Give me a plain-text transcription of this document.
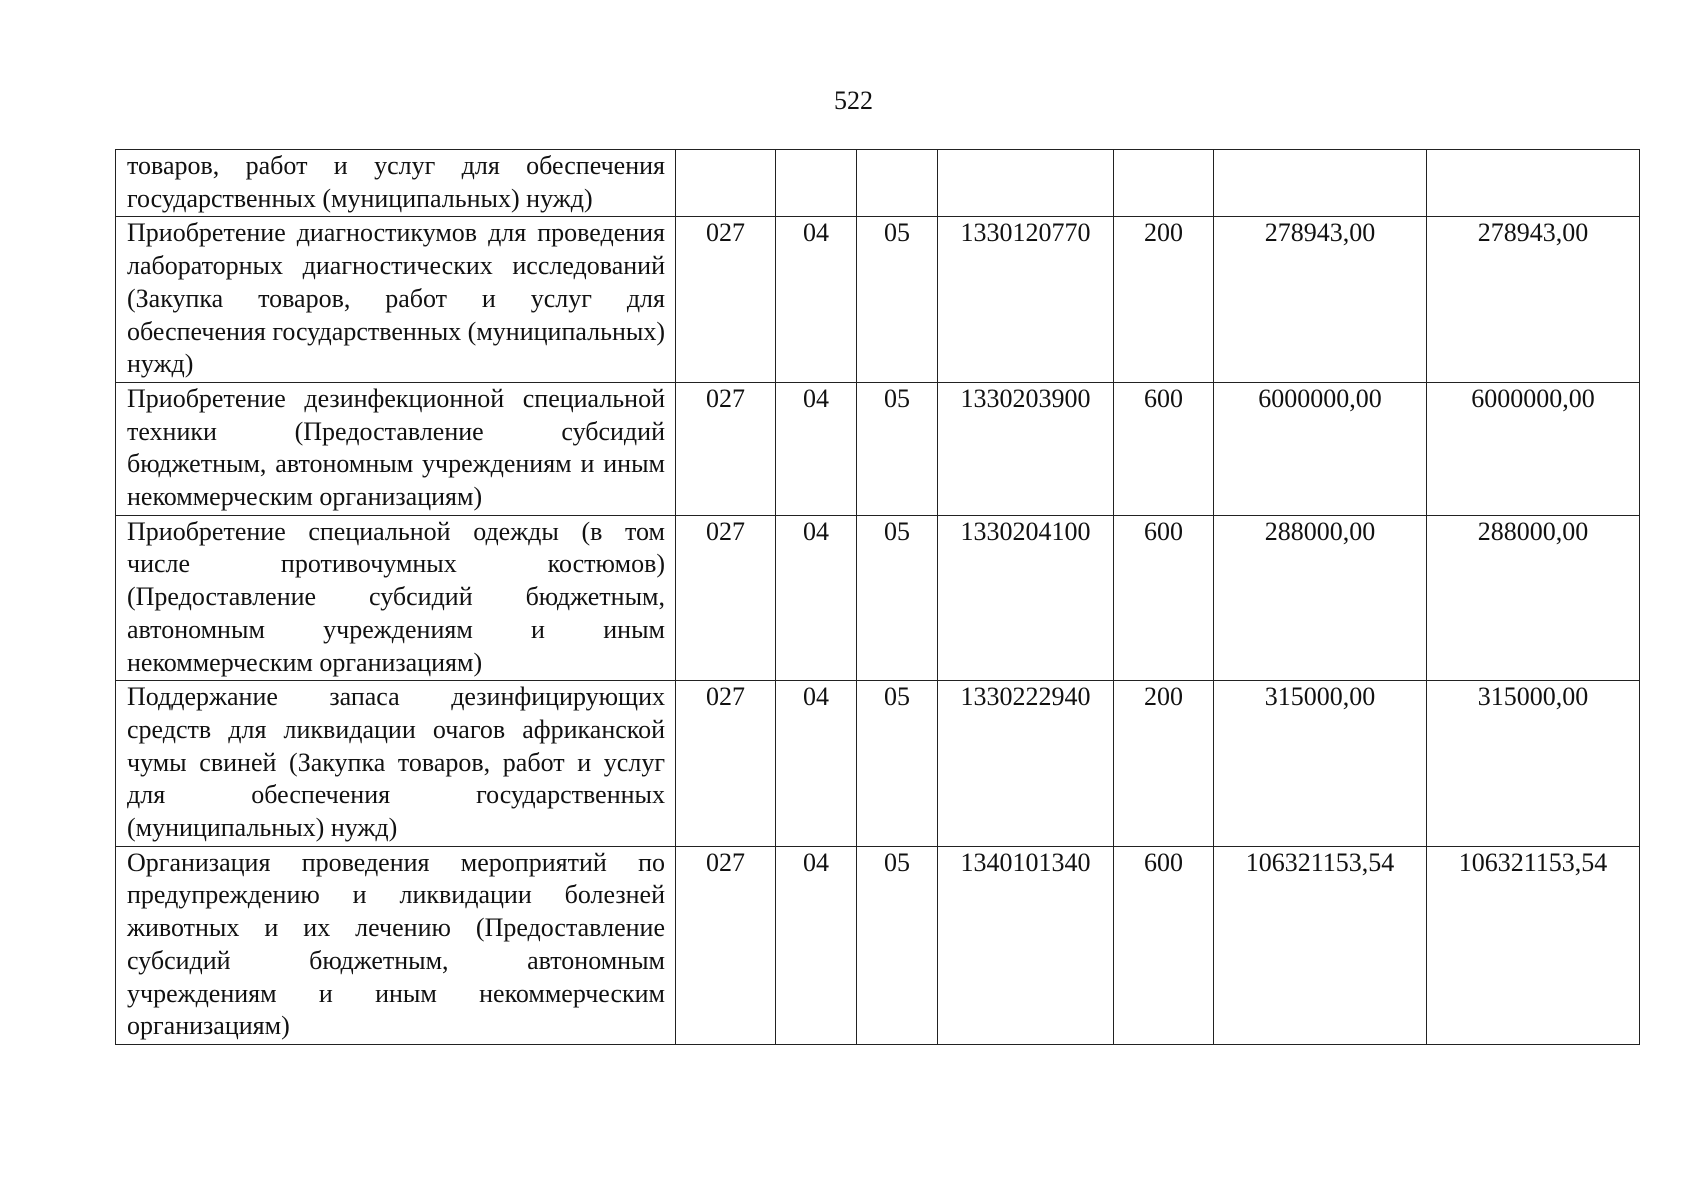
522
товаров, работ и услуг для обеспечения государственных (муниципальных) нужд)							
Приобретение диагностикумов для проведения лабораторных диагностических исследований (Закупка товаров, работ и услуг для обеспечения государственных (муниципальных) нужд)	027	04	05	1330120770	200	278943,00	278943,00
Приобретение дезинфекционной специальной техники (Предоставление субсидий бюджетным, автономным учреждениям и иным некоммерческим организациям)	027	04	05	1330203900	600	6000000,00	6000000,00
Приобретение специальной одежды (в том числе противочумных костюмов) (Предоставление субсидий бюджетным, автономным учреждениям и иным некоммерческим организациям)	027	04	05	1330204100	600	288000,00	288000,00
Поддержание запаса дезинфицирующих средств для ликвидации очагов африканской чумы свиней (Закупка товаров, работ и услуг для обеспечения государственных (муниципальных) нужд)	027	04	05	1330222940	200	315000,00	315000,00
Организация проведения мероприятий по предупреждению и ликвидации болезней животных и их лечению (Предоставление субсидий бюджетным, автономным учреждениям и иным некоммерческим организациям)	027	04	05	1340101340	600	106321153,54	106321153,54
